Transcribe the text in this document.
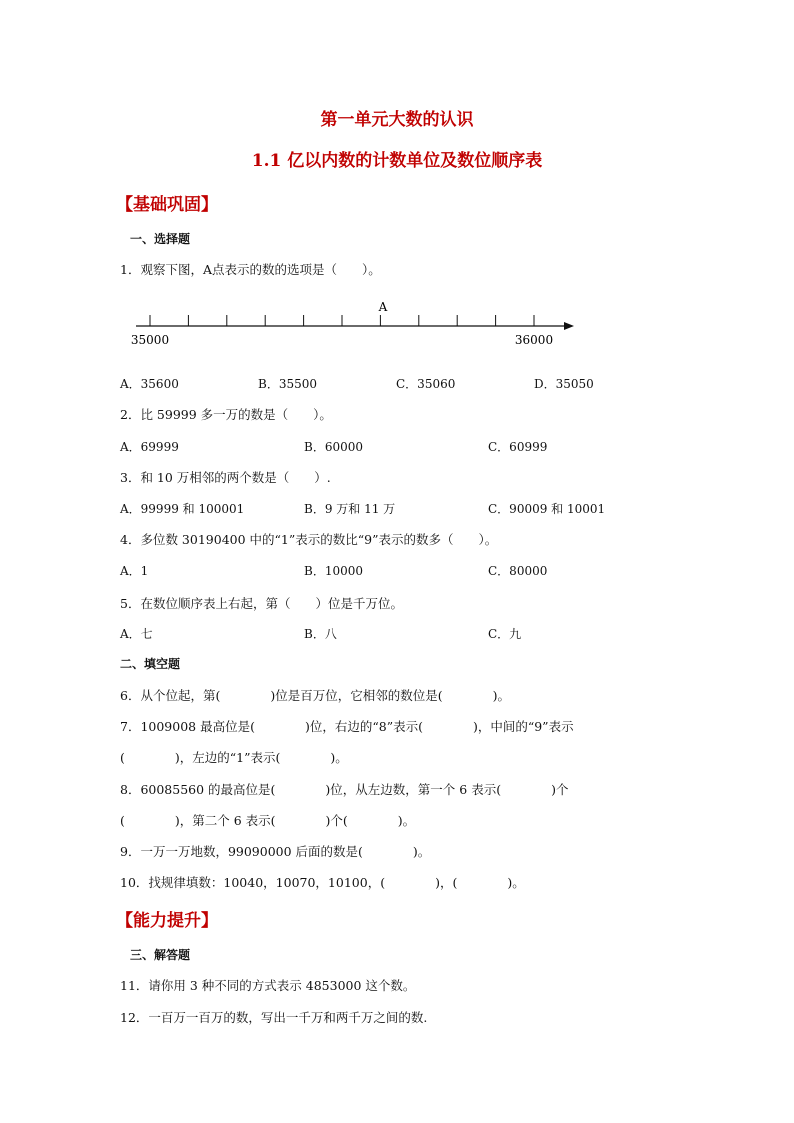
第一单元大数的认识
1.1 亿以内数的计数单位及数位顺序表
【基础巩固】
一、选择题
1．观察下图，A点表示的数的选项是（　　）。
A
35000	36000
A．35600	B．35500	C．35060	D．35050
2．比 59999 多一万的数是（　　）。
A．69999	B．60000	C．60999
3．和 10 万相邻的两个数是（　　）.
A．99999 和 100001	B．9 万和 11 万	C．90009 和 10001
4．多位数 30190400 中的“1”表示的数比“9”表示的数多（　　）。
A．1	B．10000	C．80000
5．在数位顺序表上右起，第（　　）位是千万位。
A．七	B．八	C．九
二、填空题
6．从个位起，第(　　　　)位是百万位，它相邻的数位是(　　　　)。
7．1009008 最高位是(　　　　)位，右边的“8”表示(　　　　)，中间的“9”表示
(　　　　)，左边的“1”表示(　　　　)。
8．60085560 的最高位是(　　　　)位，从左边数，第一个 6 表示(　　　　)个
(　　　　)，第二个 6 表示(　　　　)个(　　　　)。
9．一万一万地数，99090000 后面的数是(　　　　)。
10．找规律填数：10040，10070，10100，(　　　　)，(　　　　)。
【能力提升】
三、解答题
11．请你用 3 种不同的方式表示 4853000 这个数。
12．一百万一百万的数，写出一千万和两千万之间的数.
